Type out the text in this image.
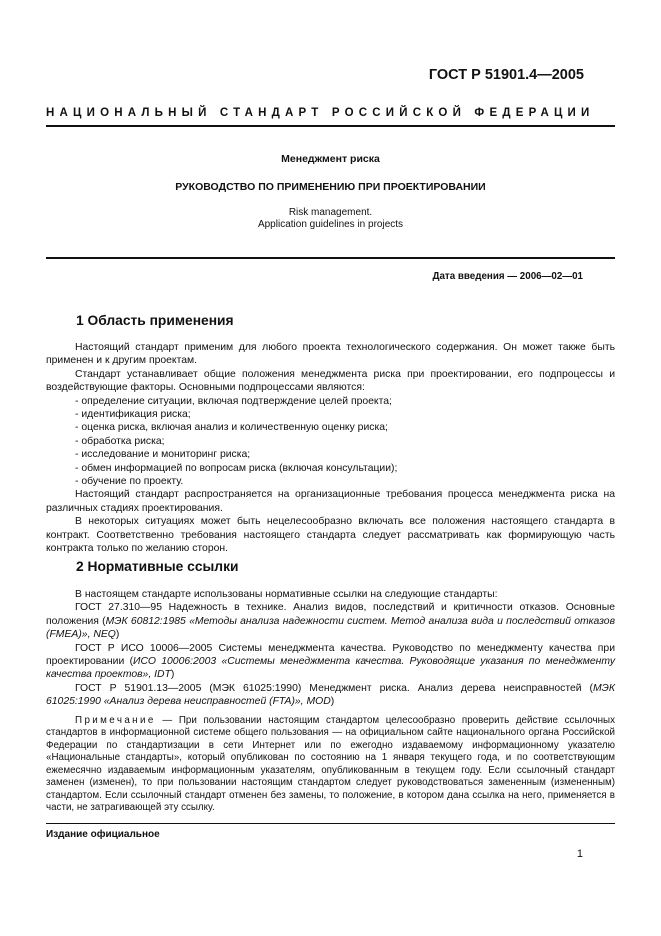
ГОСТ Р 51901.4—2005
НАЦИОНАЛЬНЫЙ СТАНДАРТ РОССИЙСКОЙ ФЕДЕРАЦИИ
Менеджмент риска
РУКОВОДСТВО ПО ПРИМЕНЕНИЮ ПРИ ПРОЕКТИРОВАНИИ
Risk management.
Application guidelines in projects
Дата введения — 2006—02—01
1 Область применения

Настоящий стандарт применим для любого проекта технологического содержания. Он может также быть применен и к другим проектам.

Стандарт устанавливает общие положения менеджмента риска при проектировании, его подпроцессы и воздействующие факторы. Основными подпроцессами являются:

- определение ситуации, включая подтверждение целей проекта;

- идентификация риска;

- оценка риска, включая анализ и количественную оценку риска;

- обработка риска;

- исследование и мониторинг риска;

- обмен информацией по вопросам риска (включая консультации);

- обучение по проекту.

Настоящий стандарт распространяется на организационные требования процесса менеджмента риска на различных стадиях проектирования.

В некоторых ситуациях может быть нецелесообразно включать все положения настоящего стандарта в контракт. Соответственно требования настоящего стандарта следует рассматривать как формирующую часть контракта только по желанию сторон.

2 Нормативные ссылки

В настоящем стандарте использованы нормативные ссылки на следующие стандарты:

ГОСТ 27.310—95 Надежность в технике. Анализ видов, последствий и критичности отказов. Основные положения (МЭК 60812:1985 «Методы анализа надежности систем. Метод анализа вида и последствий отказов (FMEA)», NEQ)

ГОСТ Р ИСО 10006—2005 Системы менеджмента качества. Руководство по менеджменту качества при проектировании (ИСО 10006:2003 «Системы менеджмента качества. Руководящие указания по менеджменту качества проектов», IDT)

ГОСТ Р 51901.13—2005 (МЭК 61025:1990) Менеджмент риска. Анализ дерева неисправностей (МЭК 61025:1990 «Анализ дерева неисправностей (FTA)», MOD)

Примечание — При пользовании настоящим стандартом целесообразно проверить действие ссылочных стандартов в информационной системе общего пользования — на официальном сайте национального органа Российской Федерации по стандартизации в сети Интернет или по ежегодно издаваемому информационному указателю «Национальные стандарты», который опубликован по состоянию на 1 января текущего года, и по соответствующим ежемесячно издаваемым информационным указателям, опубликованным в текущем году. Если ссылочный стандарт заменен (изменен), то при пользовании настоящим стандартом следует руководствоваться замененным (измененным) стандартом. Если ссылочный стандарт отменен без замены, то положение, в котором дана ссылка на него, применяется в части, не затрагивающей эту ссылку.

Издание официальное
1
